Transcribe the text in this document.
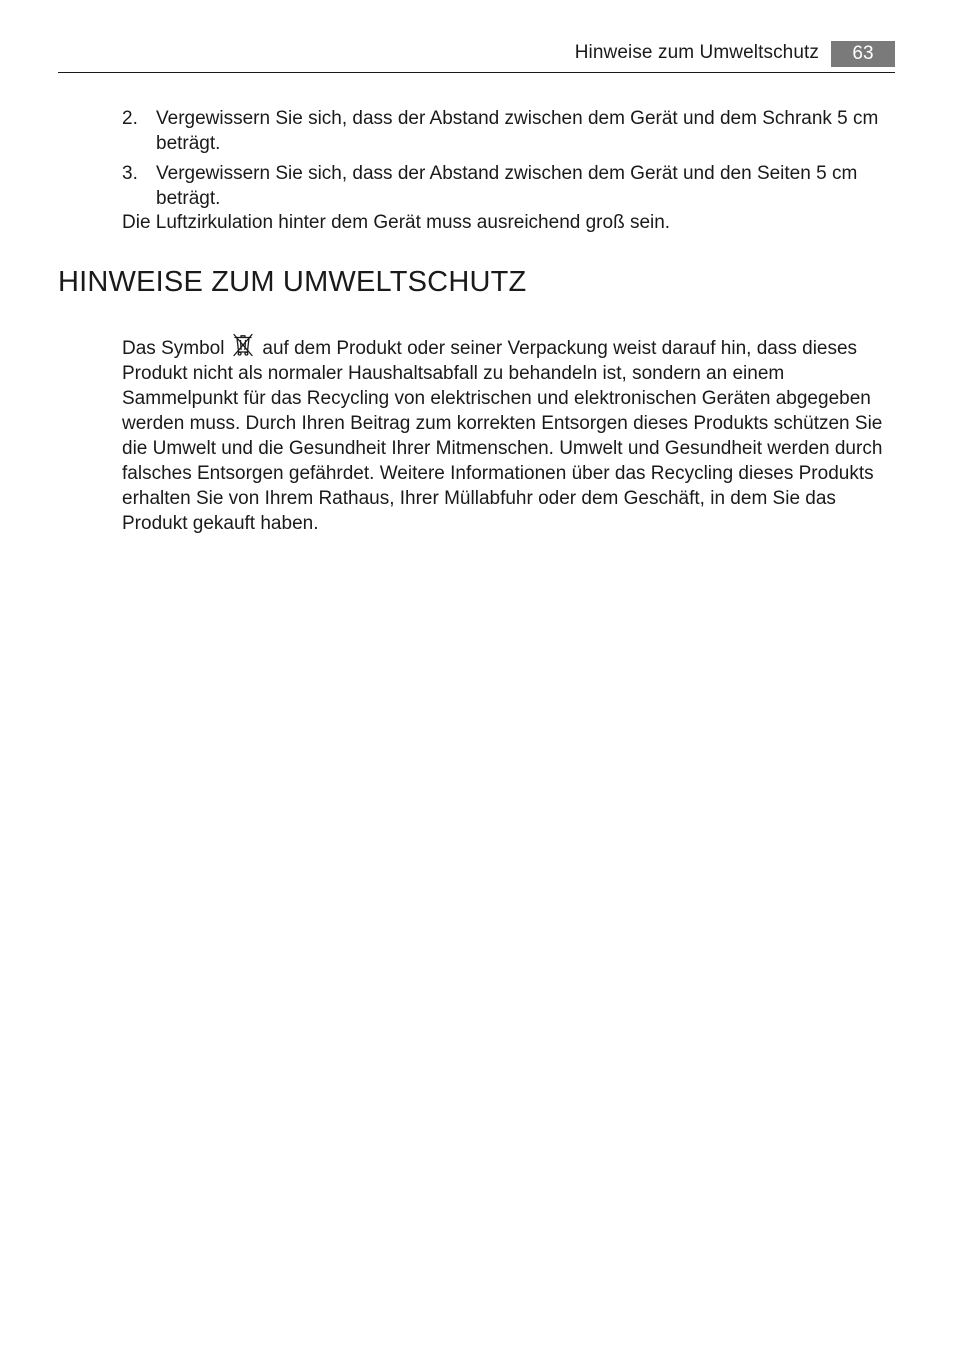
Hinweise zum Umweltschutz	63
2. Vergewissern Sie sich, dass der Abstand zwischen dem Gerät und dem Schrank 5 cm beträgt.
3. Vergewissern Sie sich, dass der Abstand zwischen dem Gerät und den Seiten 5 cm beträgt.
Die Luftzirkulation hinter dem Gerät muss ausreichend groß sein.
HINWEISE ZUM UMWELTSCHUTZ

Das Symbol auf dem Produkt oder seiner Verpackung weist darauf hin, dass dieses Produkt nicht als normaler Haushaltsabfall zu behandeln ist, sondern an einem Sammelpunkt für das Recycling von elektrischen und elektronischen Geräten abgegeben werden muss. Durch Ihren Beitrag zum korrekten Entsorgen dieses Produkts schützen Sie die Umwelt und die Gesundheit Ihrer Mitmenschen. Umwelt und Gesundheit werden durch falsches Entsorgen gefährdet. Weitere Informationen über das Recycling dieses Produkts erhalten Sie von Ihrem Rathaus, Ihrer Müllabfuhr oder dem Geschäft, in dem Sie das Produkt gekauft haben.
